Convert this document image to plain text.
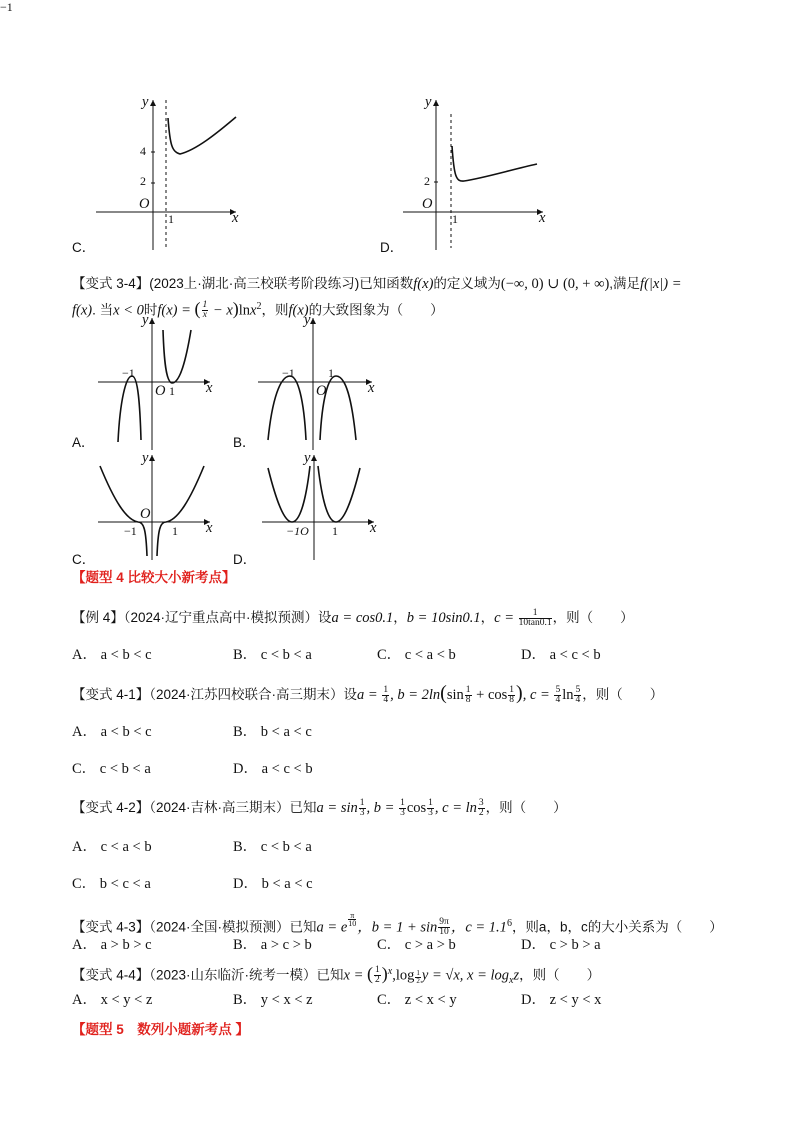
y
x
O
1
4
2
C．
y
x
O
1
2
D．
【变式 3-4】(2023上·湖北·高三校联考阶段练习)已知函数f(x)的定义域为(−∞, 0) ∪ (0, + ∞),满足f(|x|) =
f(x). 当x < 0时f(x) = ( $\frac{1}{x} - x)\ln x^2$，则f(x)的大致图象为（　　）
y
x
−1
−1
O 1
A．
y
x
−1
O
1
B．
y
x
O
−1	1
C．
y
x
−1O 1
D．
【题型 4 比较大小新考点】
【例 4】（2024·辽宁重点高中·模拟预测）设a = cos0.1，b = 10sin0.1，$c = \frac{1}{10\tan 0.1}$ ，则（　　）
A． a < b < c	B． c < b < a	C． c < a < b	D． a < c < b
【变式 4-1】（2024·江苏四校联合·高三期末）设$a = \frac{1}{4}$ , $b = 2\ln(\sin \frac{1}{8} + \cos \frac{1}{8}$ ), $c = \frac{5}{4}$ $\ln \frac{5}{4}$ ，则（　　）
A． a < b < c	B． b < a < c
C． c < b < a	D． a < c < b
【变式 4-2】（2024·吉林·高三期末）已知$a = \sin \frac{1}{3}$ , $b = \frac{1}{3}$ $\cos \frac{1}{3}$ , $c = \ln \frac{3}{2}$ ，则（　　）
A． c < a < b	B． c < b < a
C． b < c < a	D． b < a < c
【变式 4-3】（2024·全国·模拟预测）已知a = e $^{\frac{\pi}{10}}$ ，$b = 1 + \sin \frac{9\pi}{10}$ ，$c = 1.1^6$，则a，b，c的大小关系为（　　）
A． a > b > c	B． a > c > b	C． c > a > b	D． c > b > a
【变式 4-4】（2023·山东临沂·统考一模）已知x = ( $\frac{1}{2} )^x,\log$ $_{\frac{1}{2}}$ y = √x, $x = \log_xz$，则（　　）
A． x < y < z	B． y < x < z	C． z < x < y	D． z < y < x
【题型 5　数列小题新考点 】
